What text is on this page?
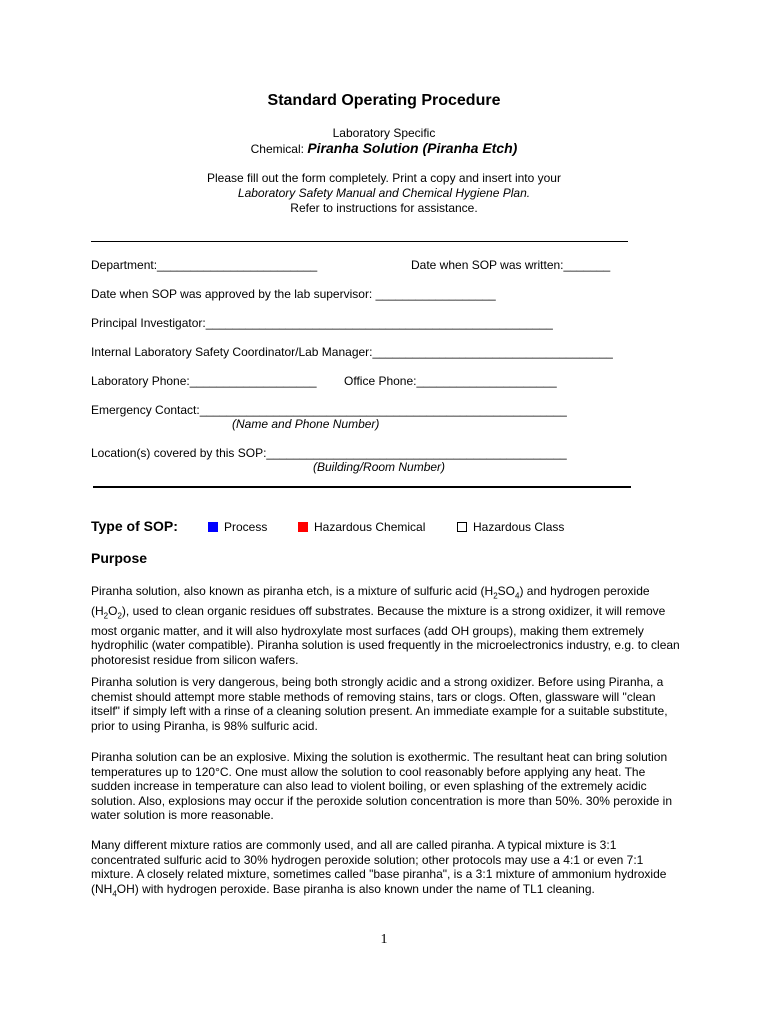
Standard Operating Procedure
Laboratory Specific
Chemical: Piranha Solution (Piranha Etch)
Please fill out the form completely. Print a copy and insert into your
Laboratory Safety Manual and Chemical Hygiene Plan.
Refer to instructions for assistance.
Department:________________________	Date when SOP was written:_______
Date when SOP was approved by the lab supervisor: __________________
Principal Investigator:____________________________________________________
Internal Laboratory Safety Coordinator/Lab Manager:____________________________________
Laboratory Phone:___________________ Office Phone:_____________________
Emergency Contact:_______________________________________________________
(Name and Phone Number)
Location(s) covered by this SOP:_____________________________________________
(Building/Room Number)
Type of SOP:	Process	Hazardous Chemical	Hazardous Class
Purpose

Piranha solution, also known as piranha etch, is a mixture of sulfuric acid $(H_2SO_4)$ and hydrogen peroxide $(H_2O_2)$, used to clean organic residues off substrates. Because the mixture is a strong oxidizer, it will remove most organic matter, and it will also hydroxylate most surfaces (add OH groups), making them extremely hydrophilic (water compatible). Piranha solution is used frequently in the microelectronics industry, e.g. to clean photoresist residue from silicon wafers.

Piranha solution is very dangerous, being both strongly acidic and a strong oxidizer. Before using Piranha, a chemist should attempt more stable methods of removing stains, tars or clogs. Often, glassware will "clean itself" if simply left with a rinse of a cleaning solution present. An immediate example for a suitable substitute, prior to using Piranha, is 98% sulfuric acid.

Piranha solution can be an explosive. Mixing the solution is exothermic. The resultant heat can bring solution temperatures up to 120°C. One must allow the solution to cool reasonably before applying any heat. The sudden increase in temperature can also lead to violent boiling, or even splashing of the extremely acidic solution. Also, explosions may occur if the peroxide solution concentration is more than 50%. 30% peroxide in water solution is more reasonable.

Many different mixture ratios are commonly used, and all are called piranha. A typical mixture is 3:1 concentrated sulfuric acid to 30% hydrogen peroxide solution; other protocols may use a 4:1 or even 7:1 mixture. A closely related mixture, sometimes called "base piranha", is a 3:1 mixture of ammonium hydroxide $(NH_4OH)$ with hydrogen peroxide. Base piranha is also known under the name of TL1 cleaning.

1
